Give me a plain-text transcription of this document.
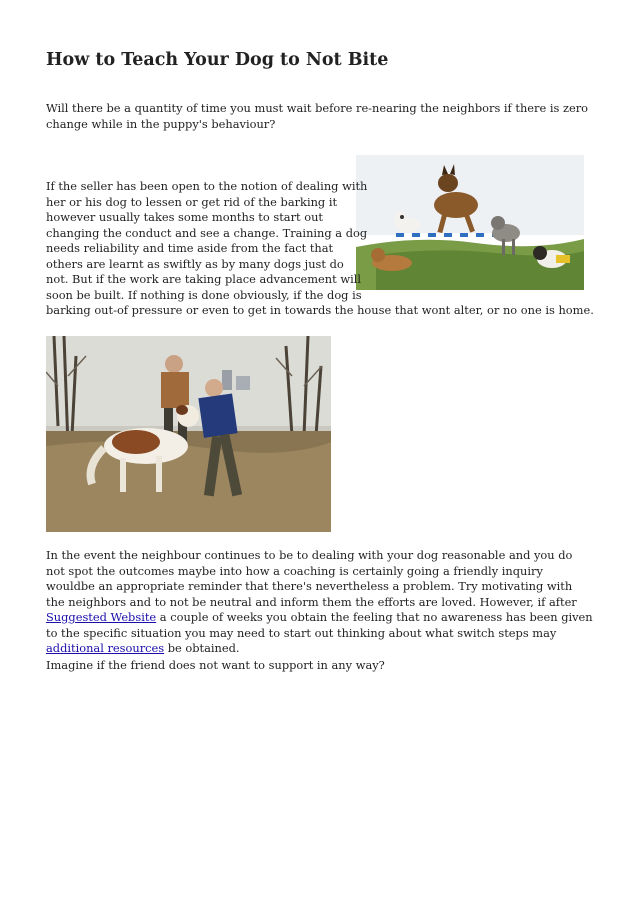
How to Teach Your Dog to Not Bite

Will there be a quantity of time you must wait before re-nearing the neighbors if there is zero change while in the puppy's behaviour?

If the seller has been open to the notion of dealing with
her or his dog to lessen or get rid of the barking it
however usually takes some months to start out
changing the conduct and see a change. Training a dog
needs reliability and time aside from the fact that
others are learnt as swiftly as by many dogs just do
not. But if the work are taking place advancement will
soon be built. If nothing is done obviously, if the dog is
barking out-of pressure or even to get in towards the house that wont alter, or no one is home.

In the event the neighbour continues to be to dealing with your dog reasonable and you do not spot the outcomes maybe into how a coaching is certainly going a friendly inquiry wouldbe an appropriate reminder that there's nevertheless a problem. Try motivating with the neighbors and to not be neutral and inform them the efforts are loved. However, if after Suggested Website a couple of weeks you obtain the feeling that no awareness has been given to the specific situation you may need to start out thinking about what switch steps may additional resources be obtained.

Imagine if the friend does not want to support in any way?
